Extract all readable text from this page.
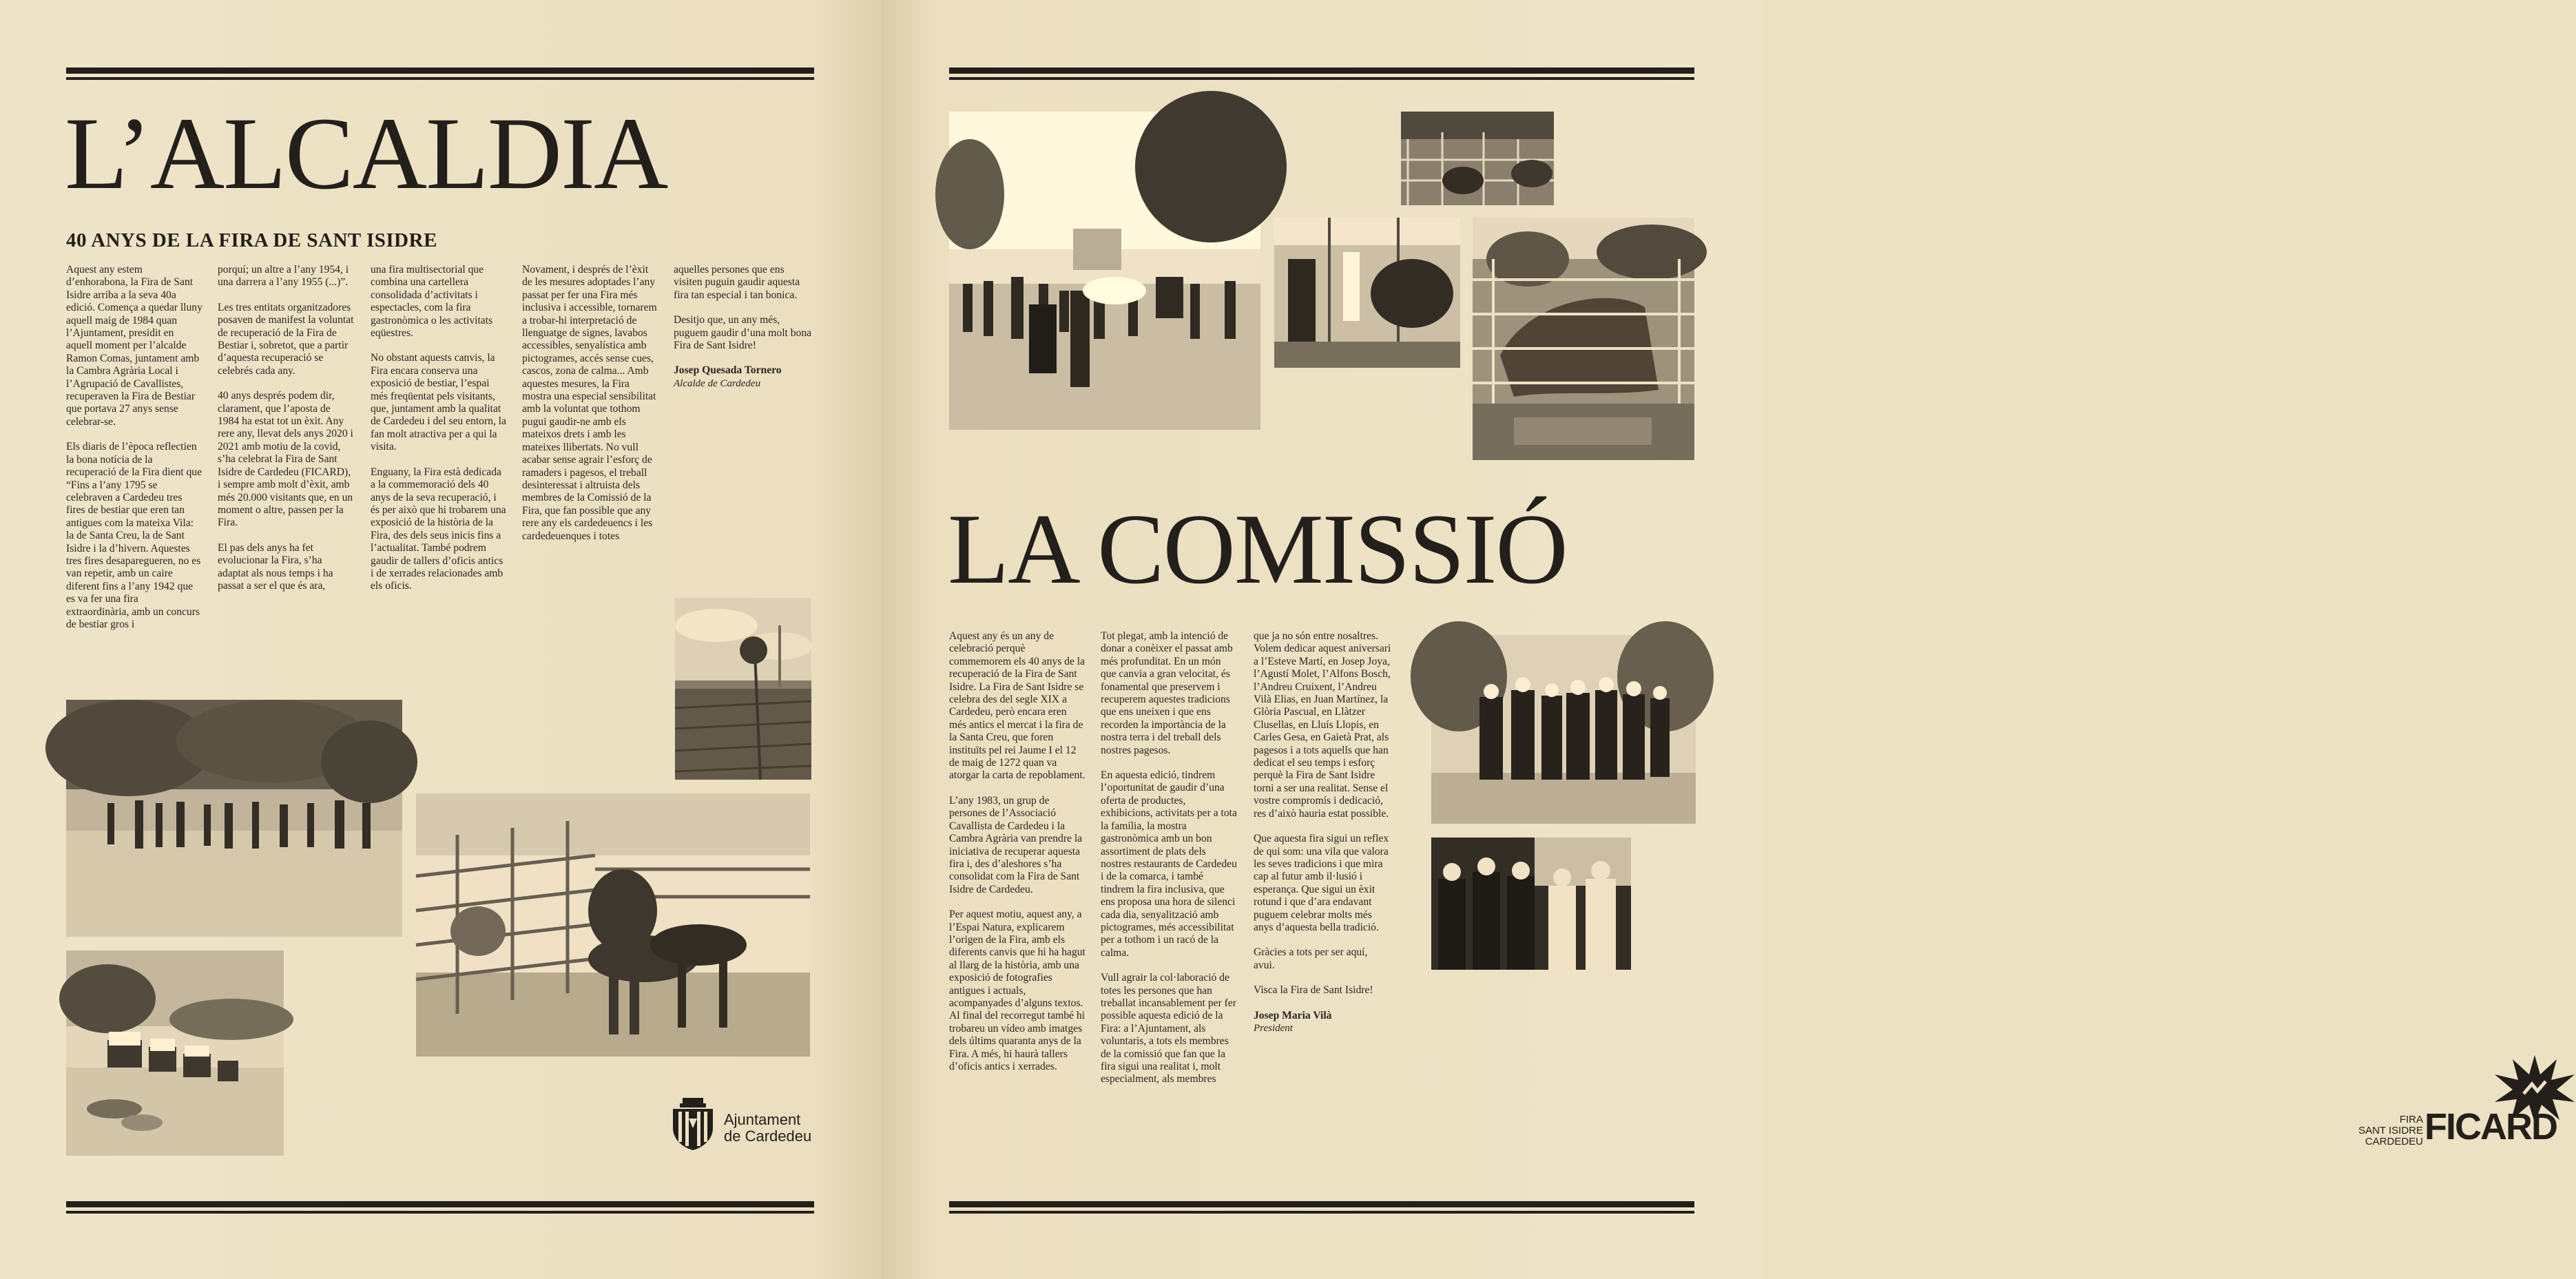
L’ALCALDIA
40 ANYS DE LA FIRA DE SANT ISIDRE

Aquest any estem d’enhorabona, la Fira de Sant Isidre arriba a la seva 40a edició. Comença a quedar lluny aquell maig de 1984 quan l’Ajuntament, presidit en aquell moment per l’alcalde Ramon Comas, juntament amb la Cambra Agrària Local i l’Agrupació de Cavallistes, recuperaven la Fira de Bestiar que portava 27 anys sense celebrar-se.

Els diaris de l’època reflectien la bona notícia de la recuperació de la Fira dient que “Fins a l’any 1795 se celebraven a Cardedeu tres fires de bestiar que eren tan antigues com la mateixa Vila: la de Santa Creu, la de Sant Isidre i la d’hivern. Aquestes tres fires desaparegueren, no es van repetir, amb un caire diferent fins a l’any 1942 que es va fer una fira extraordinària, amb un concurs de bestiar gros i

porquí; un altre a l’any 1954, i una darrera a l’any 1955 (...)”.

Les tres entitats organitzadores posaven de manifest la voluntat de recuperació de la Fira de Bestiar i, sobretot, que a partir d’aquesta recuperació se celebrés cada any.

40 anys després podem dir, clarament, que l’aposta de 1984 ha estat tot un èxit. Any rere any, llevat dels anys 2020 i 2021 amb motiu de la covid, s’ha celebrat la Fira de Sant Isidre de Cardedeu (FICARD), i sempre amb molt d’èxit, amb més 20.000 visitants que, en un moment o altre, passen per la Fira.

El pas dels anys ha fet evolucionar la Fira, s’ha adaptat als nous temps i ha passat a ser el que és ara,

una fira multisectorial que combina una cartellera consolidada d’activitats i espectacles, com la fira gastronòmica o les activitats eqüestres.

No obstant aquests canvis, la Fira encara conserva una exposició de bestiar, l’espai més freqüentat pels visitants, que, juntament amb la qualitat de Cardedeu i del seu entorn, la fan molt atractiva per a qui la visita.

Enguany, la Fira està dedicada a la commemoració dels 40 anys de la seva recuperació, i és per això que hi trobarem una exposició de la història de la Fira, des dels seus inicis fins a l’actualitat. També podrem gaudir de tallers d’oficis antics i de xerrades relacionades amb els oficis.

Novament, i després de l’èxit de les mesures adoptades l’any passat per fer una Fira més inclusiva i accessible, tornarem a trobar-hi interpretació de llenguatge de signes, lavabos accessibles, senyalística amb pictogrames, accés sense cues, cascos, zona de calma... Amb aquestes mesures, la Fira mostra una especial sensibilitat amb la voluntat que tothom pugui gaudir-ne amb els mateixos drets i amb les mateixes llibertats. No vull acabar sense agrair l’esforç de ramaders i pagesos, el treball desinteressat i altruista dels membres de la Comissió de la Fira, que fan possible que any rere any els cardedeuencs i les cardedeuenques i totes

aquelles persones que ens visiten puguin gaudir aquesta fira tan especial i tan bonica.

Desitjo que, un any més, puguem gaudir d’una molt bona Fira de Sant Isidre!

Josep Quesada Tornero

Alcalde de Cardedeu

Ajuntament
de Cardedeu
LA COMISSIÓ

Aquest any és un any de celebració perquè commemorem els 40 anys de la recuperació de la Fira de Sant Isidre. La Fira de Sant Isidre se celebra des del segle XIX a Cardedeu, però encara eren més antics el mercat i la fira de la Santa Creu, que foren instituïts pel rei Jaume I el 12 de maig de 1272 quan va atorgar la carta de repoblament.

L’any 1983, un grup de persones de l’Associació Cavallista de Cardedeu i la Cambra Agrària van prendre la iniciativa de recuperar aquesta fira i, des d’aleshores s’ha consolidat com la Fira de Sant Isidre de Cardedeu.

Per aquest motiu, aquest any, a l’Espai Natura, explicarem l’origen de la Fira, amb els diferents canvis que hi ha hagut al llarg de la història, amb una exposició de fotografies antigues i actuals, acompanyades d’alguns textos. Al final del recorregut també hi trobareu un vídeo amb imatges dels últims quaranta anys de la Fira. A més, hi haurà tallers d’oficis antics i xerrades.

Tot plegat, amb la intenció de donar a conèixer el passat amb més profunditat. En un món que canvia a gran velocitat, és fonamental que preservem i recuperem aquestes tradicions que ens uneixen i que ens recorden la importància de la nostra terra i del treball dels nostres pagesos.

En aquesta edició, tindrem l’oportunitat de gaudir d’una oferta de productes, exhibicions, activitats per a tota la família, la mostra gastronòmica amb un bon assortiment de plats dels nostres restaurants de Cardedeu i de la comarca, i també tindrem la fira inclusiva, que ens proposa una hora de silenci cada dia, senyalització amb pictogrames, més accessibilitat per a tothom i un racó de la calma.

Vull agrair la col·laboració de totes les persones que han treballat incansablement per fer possible aquesta edició de la Fira: a l’Ajuntament, als voluntaris, a tots els membres de la comissió que fan que la fira sigui una realitat i, molt especialment, als membres

que ja no són entre nosaltres. Volem dedicar aquest aniversari a l’Esteve Martí, en Josep Joya, l’Agustí Molet, l’Alfons Bosch, l’Andreu Cruixent, l’Andreu Vilà Elias, en Juan Martínez, la Glòria Pascual, en Llàtzer Clusellas, en Lluís Llopis, en Carles Gesa, en Gaietà Prat, als pagesos i a tots aquells que han dedicat el seu temps i esforç perquè la Fira de Sant Isidre torni a ser una realitat. Sense el vostre compromís i dedicació, res d’això hauria estat possible.

Que aquesta fira sigui un reflex de qui som: una vila que valora les seves tradicions i que mira cap al futur amb il·lusió i esperança. Que sigui un èxit rotund i que d’ara endavant puguem celebrar molts més anys d’aquesta bella tradició.

Gràcies a tots per ser aquí, avui.

Visca la Fira de Sant Isidre!

Josep Maria Vilà

President

FIRA
SANT ISIDRE
CARDEDEU FICARD
